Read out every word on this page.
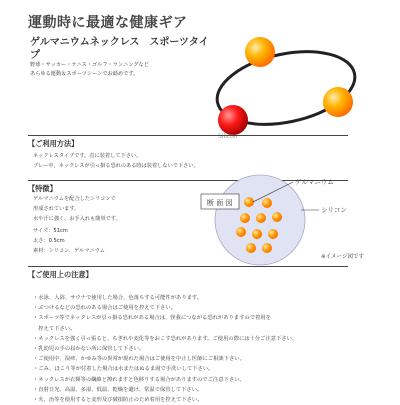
運動時に最適な健康ギア
ゲルマニウムネックレス　スポーツタイプ
野球・サッカー・テニス・ゴルフ・ランニングなど
あらゆる運動＆スポーツシーンでお勧めです。	ゲルマニウム
ゲルマニウム
Silicon
【ご利用方法】
ネックレスタイプです。首に装着して下さい。
プレー中、ネックレスが引っ掛る恐れのある時は装着しないで下さい。
【特徴】
ゲルマニウムを配合したシリコンで
形成されています。
水や汗に強く、お手入れも簡単です。
サイズ：51cm
太さ：0.5cm
素材：シリコン、ゲルマニウム
断 面 図
ゲルマニウム
シリコン
※イメージ図です
【ご使用上の注意】
・水泳、入浴、サウナで使用した場合、色落ちする可能性があります。
・ぶつけるなどの恐れのある場合はご使用を控えて下さい。
・スポーツ等でネックレスが引っ掛る恐れがある場合は、怪我につながる恐れがありますので着用を
　控えて下さい。
・ネックレスを強く引っ張ると、ちぎれや変化等をおこす恐れがあります。ご使用の際には十分ご注意下さい。
・乳幼児の手の届かない所に保管して下さい。
・ご使用中、湿疹、かゆみ等の異常が現れた場合はご使用を中止し医師にご相談下さい。
・ごみ、ほこり等が付着した場合は水またはぬるま湯で手洗いして下さい。
・ネックレスが衣類等の繊維と擦れますと色移りする場合がありますのでご注意下さい。
・直射日光、高温、多湿、低温、乾燥を避け、常温で保管して下さい。
・火、治等を使用すると変形及び破損防止のため着用を控えて下さい。
